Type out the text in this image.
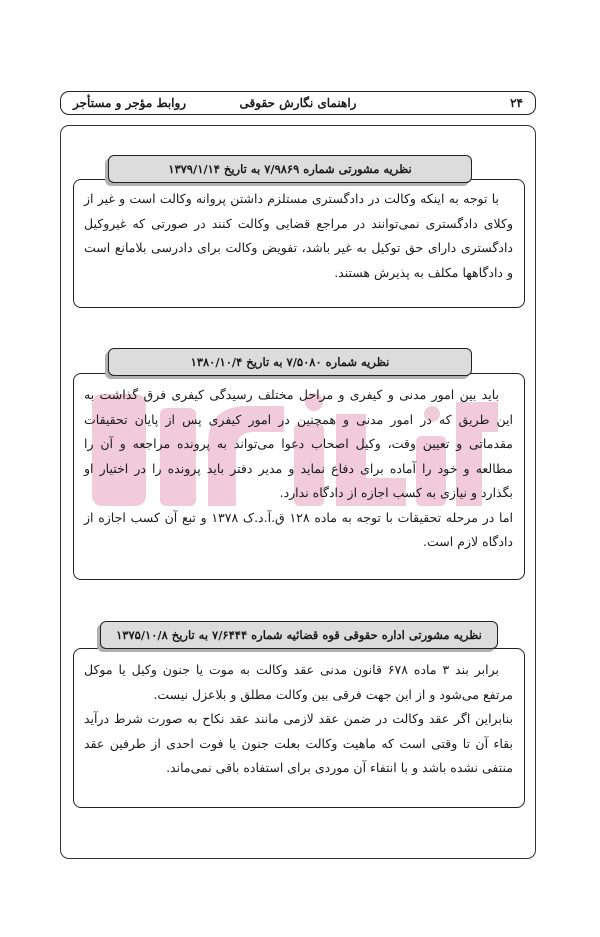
۲۴
راهنمای نگارش حقوقی
روابط مؤجر و مستأجر
نظریه مشورتی شماره ۷/۹۸۶۹ به تاریخ ۱۳۷۹/۱/۱۴

با توجه به اینکه وکالت در دادگستری مستلزم داشتن پروانه وکالت است و غیر از وکلای دادگستری نمی‌توانند در مراجع قضایی وکالت کنند در صورتی که غیروکیل دادگستری دارای حق توکیل به غیر باشد، تفویض وکالت برای دادرسی بلامانع است و دادگاهها مکلف به پذیرش هستند.

نظریه شماره ۷/۵۰۸۰ به تاریخ ۱۳۸۰/۱۰/۴

باید بین امور مدنی و کیفری و مراحل مختلف رسیدگی کیفری فرق گذاشت به این طریق که در امور مدنی و همچنین در امور کیفری پس از پایان تحقیقات مقدماتی و تعیین وقت، وکیل اصحاب دعوا می‌تواند به پرونده مراجعه و آن را مطالعه و خود را آماده برای دفاع نماید و مدیر دفتر باید پرونده را در اختیار او بگذارد و نیازی به کسب اجازه از دادگاه ندارد.

اما در مرحله تحقیقات با توجه به ماده ۱۲۸ ق.آ.د.ک ۱۳۷۸ و تبع آن کسب اجازه از دادگاه لازم است.

نظریه مشورتی اداره حقوقی قوه قضائیه شماره ۷/۶۴۴۴ به تاریخ ۱۳۷۵/۱۰/۸

برابر بند ۳ ماده ۶۷۸ قانون مدنی عقد وکالت به موت یا جنون وکیل یا موکل مرتفع می‌شود و از این جهت فرقی بین وکالت مطلق و بلاعزل نیست.

بنابراین اگر عقد وکالت در ضمن عقد لازمی مانند عقد نکاح به صورت شرط درآید بقاء آن تا وقتی است که ماهیت وکالت بعلت جنون یا فوت احدی از طرفین عقد منتفی نشده باشد و با انتفاء آن موردی برای استفاده باقی نمی‌ماند.
